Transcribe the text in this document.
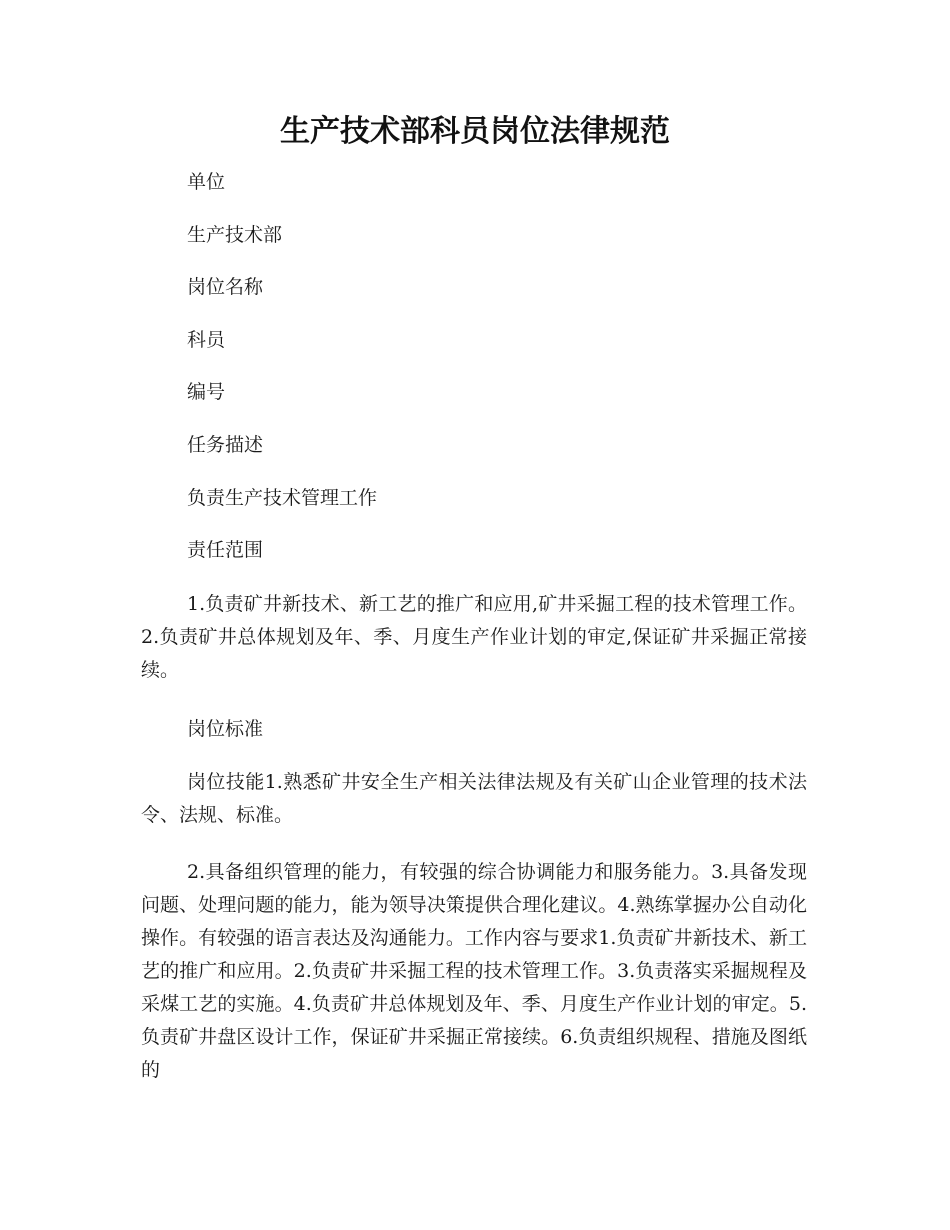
生产技术部科员岗位法律规范

单位

生产技术部

岗位名称

科员

编号

任务描述

负责生产技术管理工作

责任范围

1.负责矿井新技术、新工艺的推广和应用,矿井采掘工程的技术管理工作。2.负责矿井总体规划及年、季、月度生产作业计划的审定,保证矿井采掘正常接续。

岗位标准

岗位技能1.熟悉矿井安全生产相关法律法规及有关矿山企业管理的技术法令、法规、标准。

2.具备组织管理的能力，有较强的综合协调能力和服务能力。3.具备发现问题、处理问题的能力，能为领导决策提供合理化建议。4.熟练掌握办公自动化操作。有较强的语言表达及沟通能力。工作内容与要求1.负责矿井新技术、新工艺的推广和应用。2.负责矿井采掘工程的技术管理工作。3.负责落实采掘规程及采煤工艺的实施。4.负责矿井总体规划及年、季、月度生产作业计划的审定。5.负责矿井盘区设计工作，保证矿井采掘正常接续。6.负责组织规程、措施及图纸的
